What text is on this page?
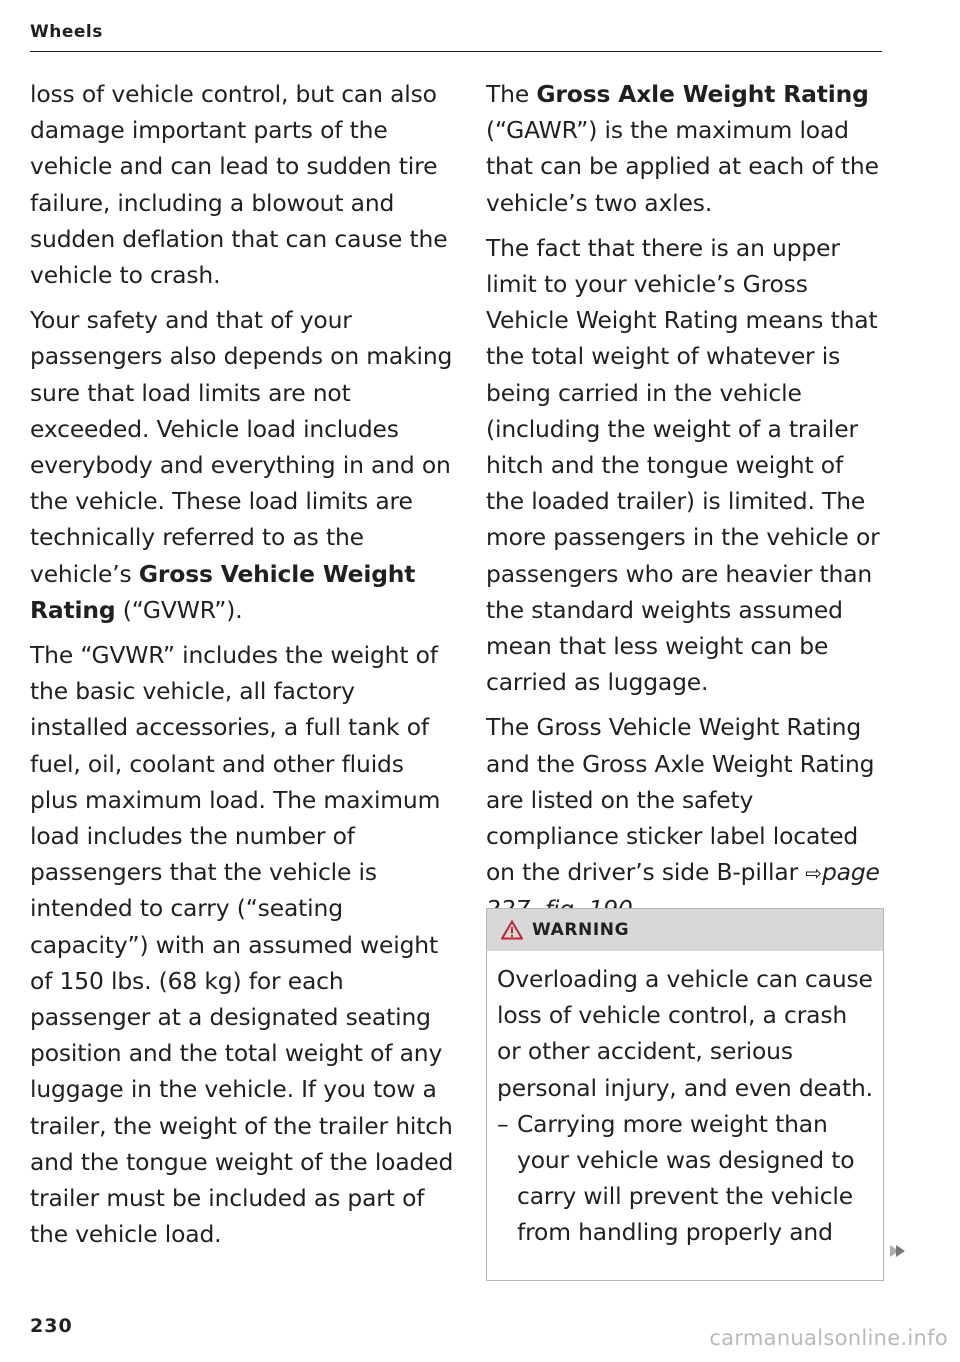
Wheels

loss of vehicle control, but can also damage important parts of the vehicle and can lead to sudden tire failure, including a blowout and sudden deflation that can cause the vehicle to crash.

Your safety and that of your passengers also depends on making sure that load limits are not exceeded. Vehicle load includes everybody and everything in and on the vehicle. These load limits are technically referred to as the vehicle’s Gross Vehicle Weight Rating (“GVWR”).

The “GVWR” includes the weight of the basic vehicle, all factory installed accessories, a full tank of fuel, oil, coolant and other fluids plus maximum load. The maximum load includes the number of passengers that the vehicle is intended to carry (“seating capacity”) with an assumed weight of 150 lbs. (68 kg) for each passenger at a designated seating position and the total weight of any luggage in the vehicle. If you tow a trailer, the weight of the trailer hitch and the tongue weight of the loaded trailer must be included as part of the vehicle load.

The Gross Axle Weight Rating (“GAWR”) is the maximum load that can be applied at each of the vehicle’s two axles.

The fact that there is an upper limit to your vehicle’s Gross Vehicle Weight Rating means that the total weight of whatever is being carried in the vehicle (including the weight of a trailer hitch and the tongue weight of the loaded trailer) is limited. The more passengers in the vehicle or passengers who are heavier than the standard weights assumed mean that less weight can be carried as luggage.

The Gross Vehicle Weight Rating and the Gross Axle Weight Rating are listed on the safety compliance sticker label located on the driver’s side B-pillar ⇨page

WARNING

Overloading a vehicle can cause loss of vehicle control, a crash or other accident, serious personal injury, and even death.

– Carrying more weight than your vehicle was designed to carry will prevent the vehicle from handling properly and
230	carmanualsonline.info
